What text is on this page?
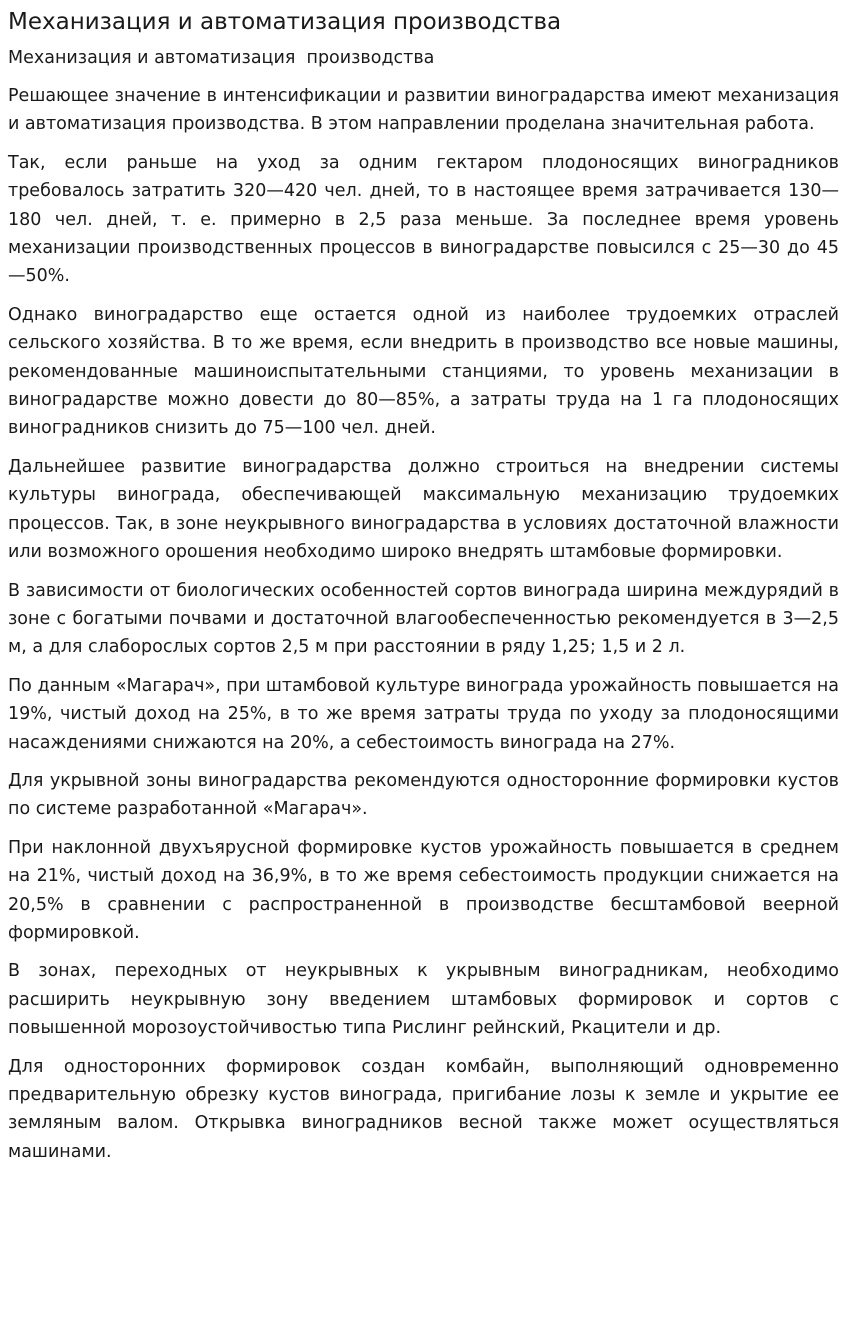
Механизация и автоматизация производства
Механизация и автоматизация  производства

Решающее значение в интенсификации и развитии виноградарства имеют механизация и автоматизация производства. В этом направлении проделана значительная работа.

Так, если раньше на уход за одним гектаром плодоносящих виноградников требовалось затратить 320—420 чел. дней, то в настоящее время затрачивается 130—180 чел. дней, т. е. примерно в 2,5 раза меньше. За последнее время уровень механизации производственных процессов в виноградарстве повысился с 25—30 до 45—50%.

Однако виноградарство еще остается одной из наиболее трудоемких отраслей сельского хозяйства. В то же время, если внедрить в производство все новые машины, рекомендованные машиноиспытательными станциями, то уровень механизации в виноградарстве можно довести до 80—85%, а затраты труда на 1 га плодоносящих виноградников снизить до 75—100 чел. дней.

Дальнейшее развитие виноградарства должно строиться на внедрении системы культуры винограда, обеспечивающей максимальную механизацию трудоемких процессов. Так, в зоне неукрывного виноградарства в условиях достаточной влажности или возможного орошения необходимо широко внедрять штамбовые формировки.

В зависимости от биологических особенностей сортов винограда ширина междурядий в зоне с богатыми почвами и достаточной влагообеспеченностью рекомендуется в 3—2,5 м, а для слаборослых сортов 2,5 м при расстоянии в ряду 1,25; 1,5 и 2 л.

По данным «Магарач», при штамбовой культуре винограда урожайность повышается на 19%, чистый доход на 25%, в то же время затраты труда по уходу за плодоносящими насаждениями снижаются на 20%, а себестоимость винограда на 27%.

Для укрывной зоны виноградарства рекомендуются односторонние формировки кустов по системе разработанной «Магарач».

При наклонной двухъярусной формировке кустов урожайность повышается в среднем на 21%, чистый доход на 36,9%, в то же время себестоимость продукции снижается на 20,5% в сравнении с распространенной в производстве бесштамбовой веерной формировкой.

В зонах, переходных от неукрывных к укрывным виноградникам, необходимо расширить неукрывную зону введением штамбовых формировок и сортов с повышенной морозоустойчивостью типа Рислинг рейнский, Ркацители и др.

Для односторонних формировок создан комбайн, выполняющий одновременно предварительную обрезку кустов винограда, пригибание лозы к земле и укрытие ее земляным валом. Открывка виноградников весной также может осуществляться машинами.
